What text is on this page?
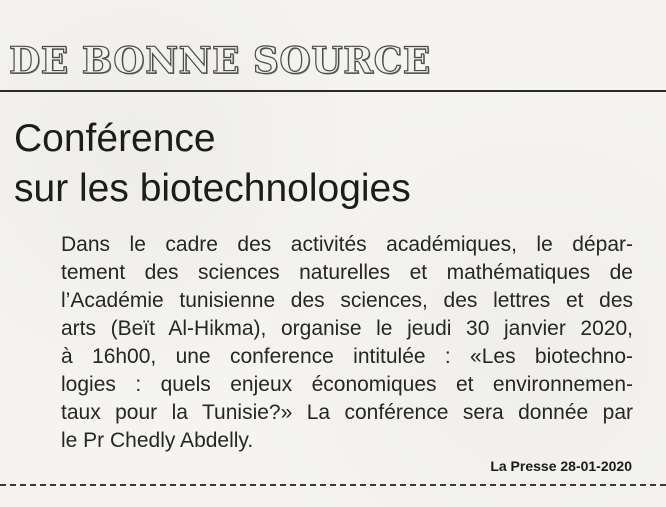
DE BONNE SOURCE
Conférence
sur les biotechnologies

Dans le cadre des activités académiques, le dépar-
tement des sciences naturelles et mathématiques de
l’Académie tunisienne des sciences, des lettres et des
arts (Beït Al-Hikma), organise le jeudi 30 janvier 2020,
à 16h00, une conference intitulée : «Les biotechno-
logies : quels enjeux économiques et environnemen-
taux pour la Tunisie?» La conférence sera donnée par
le Pr Chedly Abdelly.

La Presse 28-01-2020
